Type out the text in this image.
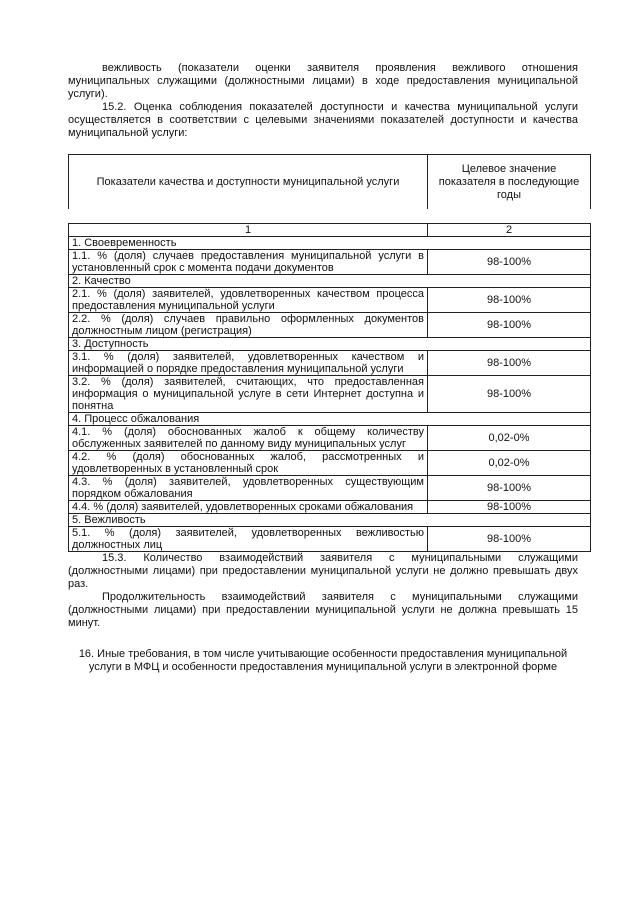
вежливость (показатели оценки заявителя проявления вежливого отношения муниципальных служащими (должностными лицами) в ходе предоставления муниципальной услуги).

15.2. Оценка соблюдения показателей доступности и качества муниципальной услуги осуществляется в соответствии с целевыми значениями показателей доступности и качества муниципальной услуги:

Показатели качества и доступности муниципальной услуги	Целевое значение показателя в последующие годы
1	2
1. Своевременность	
1.1. % (доля) случаев предоставления муниципальной услуги в установленный срок с момента подачи документов	98-100%
2. Качество	
2.1. % (доля) заявителей, удовлетворенных качеством процесса предоставления муниципальной услуги	98-100%
2.2. % (доля) случаев правильно оформленных документов должностным лицом (регистрация)	98-100%
3. Доступность	
3.1. % (доля) заявителей, удовлетворенных качеством и информацией о порядке предоставления муниципальной услуги	98-100%
3.2. % (доля) заявителей, считающих, что предоставленная информация о муниципальной услуге в сети Интернет доступна и понятна	98-100%
4. Процесс обжалования	
4.1. % (доля) обоснованных жалоб к общему количеству обслуженных заявителей по данному виду муниципальных услуг	0,02-0%
4.2. % (доля) обоснованных жалоб, рассмотренных и удовлетворенных в установленный срок	0,02-0%
4.3. % (доля) заявителей, удовлетворенных существующим порядком обжалования	98-100%
4.4. % (доля) заявителей, удовлетворенных сроками обжалования	98-100%
5. Вежливость	
5.1. % (доля) заявителей, удовлетворенных вежливостью должностных лиц	98-100%

15.3. Количество взаимодействий заявителя с муниципальными служащими (должностными лицами) при предоставлении муниципальной услуги не должно превышать двух раз.

Продолжительность взаимодействий заявителя с муниципальными служащими (должностными лицами) при предоставлении муниципальной услуги не должна превышать 15 минут.

16. Иные требования, в том числе учитывающие особенности предоставления муниципальной услуги в МФЦ и особенности предоставления муниципальной услуги в электронной форме
